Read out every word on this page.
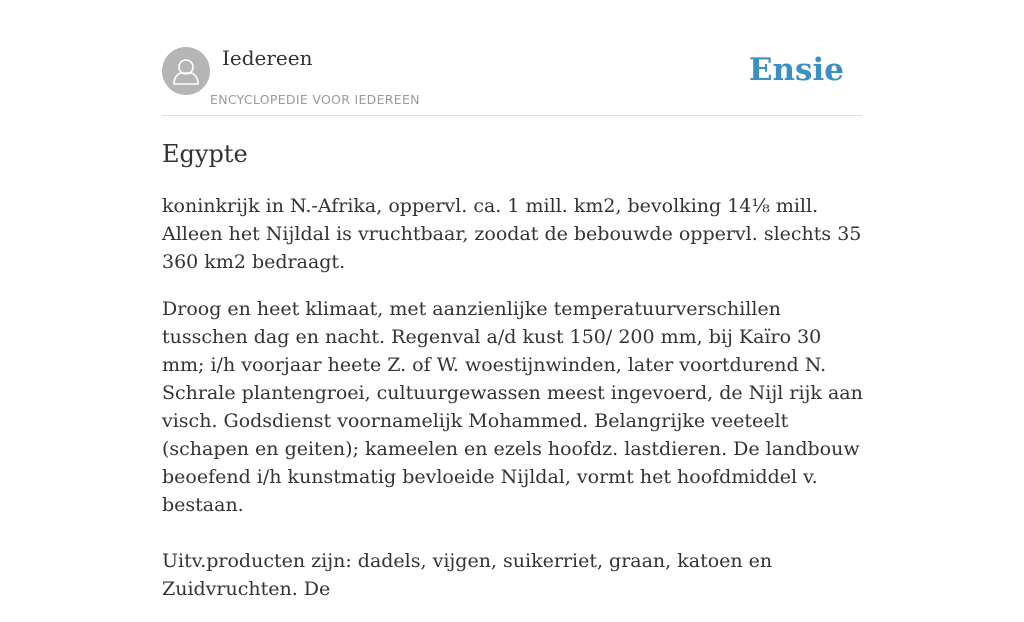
Iedereen
ENCYCLOPEDIE VOOR IEDEREEN
Ensie
Egypte

koninkrijk in N.-Afrika, oppervl. ca. 1 mill. km2, bevolking 14⅛ mill. Alleen het Nijldal is vruchtbaar, zoodat de bebouwde oppervl. slechts 35 360 km2 bedraagt.

Droog en heet klimaat, met aanzienlijke temperatuurverschillen tusschen dag en nacht. Regenval a/d kust 150/ 200 mm, bij Kaïro 30 mm; i/h voorjaar heete Z. of W. woestijnwinden, later voortdurend N. Schrale plantengroei, cultuurgewassen meest ingevoerd, de Nijl rijk aan visch. Godsdienst voornamelijk Mohammed. Belangrijke veeteelt (schapen en geiten); kameelen en ezels hoofdz. lastdieren. De landbouw beoefend i/h kunstmatig bevloeide Nijldal, vormt het hoofdmiddel v. bestaan.

Uitv.producten zijn: dadels, vijgen, suikerriet, graan, katoen en Zuidvruchten. De
